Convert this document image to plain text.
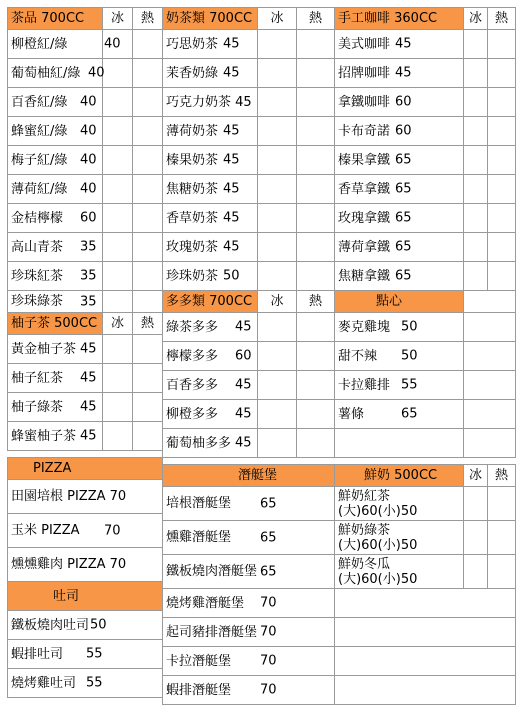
茶品 700CC	冰	熱
柳橙紅/綠 40		

葡萄柚紅/綠 40		

百香紅/綠 40		

蜂蜜紅/綠 40		

梅子紅/綠 40		

薄荷紅/綠 40		

金桔檸檬 60		

高山青茶 35		

珍珠紅茶 35		

珍珠綠茶 35		

柚子茶 500CC	冰	熱
黃金柚子茶 45		

柚子紅茶 45		

柚子綠茶 45		

蜂蜜柚子茶 45		

PIZZA		
田園培根 PIZZA 70		
玉米 PIZZA 70		

燻燻雞肉 PIZZA 70		
吐司		
鐵板燒肉吐司 50		

蝦排吐司 55		

燒烤雞吐司 55		
奶茶類 700CC	冰	熱
巧思奶茶 45		

茉香奶綠 45		

巧克力奶茶 45		
薄荷奶茶 45		

榛果奶茶 45		

焦糖奶茶 45		

香草奶茶 45		

玫瑰奶茶 45		

珍珠奶茶 50		

多多類 700CC	冰	熱
綠茶多多 45		

檸檬多多 60		

百香多多 45		

柳橙多多 45		

葡萄柚多多 45		

潛艇堡		
培根潛艇堡 65		

燻雞潛艇堡 65		

鐵板燒肉潛艇堡 65		

燒烤雞潛艇堡 70		

起司豬排潛艇堡 70		

卡拉潛艇堡 70		

蝦排潛艇堡 70		
手工咖啡 360CC	冰	熱
美式咖啡 45		

招牌咖啡 45		

拿鐵咖啡 60		

卡布奇諾 60		

榛果拿鐵 65		

香草拿鐵 65		

玫瑰拿鐵 65		

薄荷拿鐵 65		

焦糖拿鐵 65		

點心		
麥克雞塊 50		

甜不辣 50		

卡拉雞排 55		

薯條 65		

鮮奶 500CC	冰	熱

鮮奶紅茶
(大)60(小)50		

鮮奶綠茶
(大)60(小)50		

鮮奶冬瓜
(大)60(小)50		
